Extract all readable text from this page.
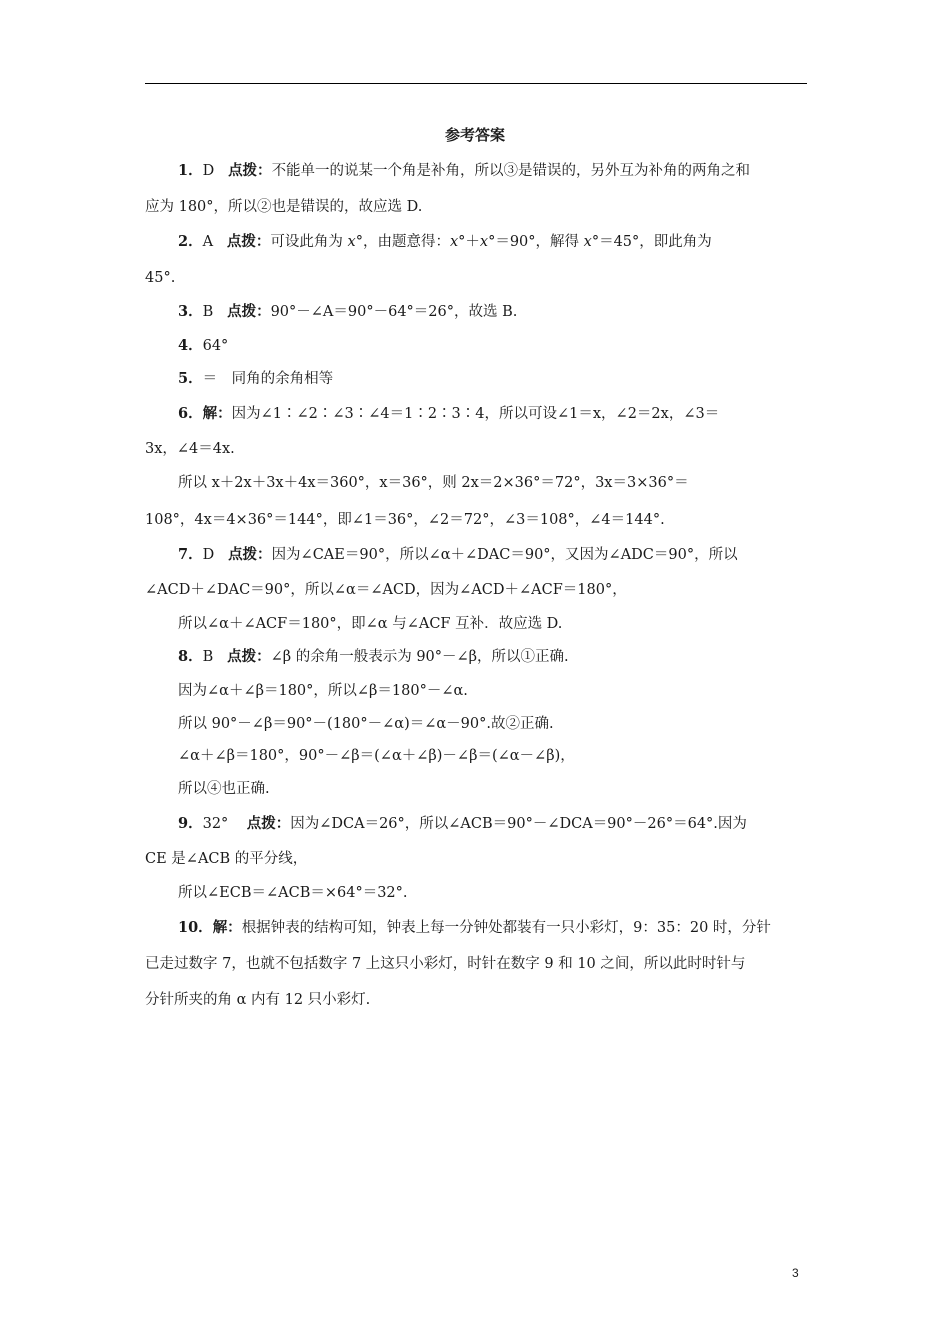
参考答案
1．D 点拨：不能单一的说某一个角是补角，所以③是错误的，另外互为补角的两角之和
应为 180°，所以②也是错误的，故应选 D.
2．A 点拨：可设此角为 x°，由题意得：x°＋x°＝90°，解得 x°＝45°，即此角为
45°.
3．B 点拨：90°－∠A＝90°－64°＝26°，故选 B.
4．64°
5．＝　同角的余角相等
6．解：因为∠1∶∠2∶∠3∶∠4＝1∶2∶3∶4，所以可设∠1＝x，∠2＝2x，∠3＝
3x，∠4＝4x.
所以 x＋2x＋3x＋4x＝360°，x＝36°，则 2x＝2×36°＝72°，3x＝3×36°＝
108°，4x＝4×36°＝144°，即∠1＝36°，∠2＝72°，∠3＝108°，∠4＝144°.
7．D 点拨：因为∠CAE＝90°，所以∠α＋∠DAC＝90°，又因为∠ADC＝90°，所以
∠ACD＋∠DAC＝90°，所以∠α＝∠ACD，因为∠ACD＋∠ACF＝180°，
所以∠α＋∠ACF＝180°，即∠α 与∠ACF 互补．故应选 D.
8．B 点拨：∠β 的余角一般表示为 90°－∠β，所以①正确.
因为∠α＋∠β＝180°，所以∠β＝180°－∠α.
所以 90°－∠β＝90°－(180°－∠α)＝∠α－90°.故②正确.
∠α＋∠β＝180°，90°－∠β＝(∠α＋∠β)－∠β＝(∠α－∠β)，
所以④也正确.
9．32° 点拨：因为∠DCA＝26°，所以∠ACB＝90°－∠DCA＝90°－26°＝64°.因为
CE 是∠ACB 的平分线，
所以∠ECB＝∠ACB＝×64°＝32°.
10．解：根据钟表的结构可知，钟表上每一分钟处都装有一只小彩灯，9：35：20 时，分针
已走过数字 7，也就不包括数字 7 上这只小彩灯，时针在数字 9 和 10 之间，所以此时时针与
分针所夹的角 α 内有 12 只小彩灯.
3
